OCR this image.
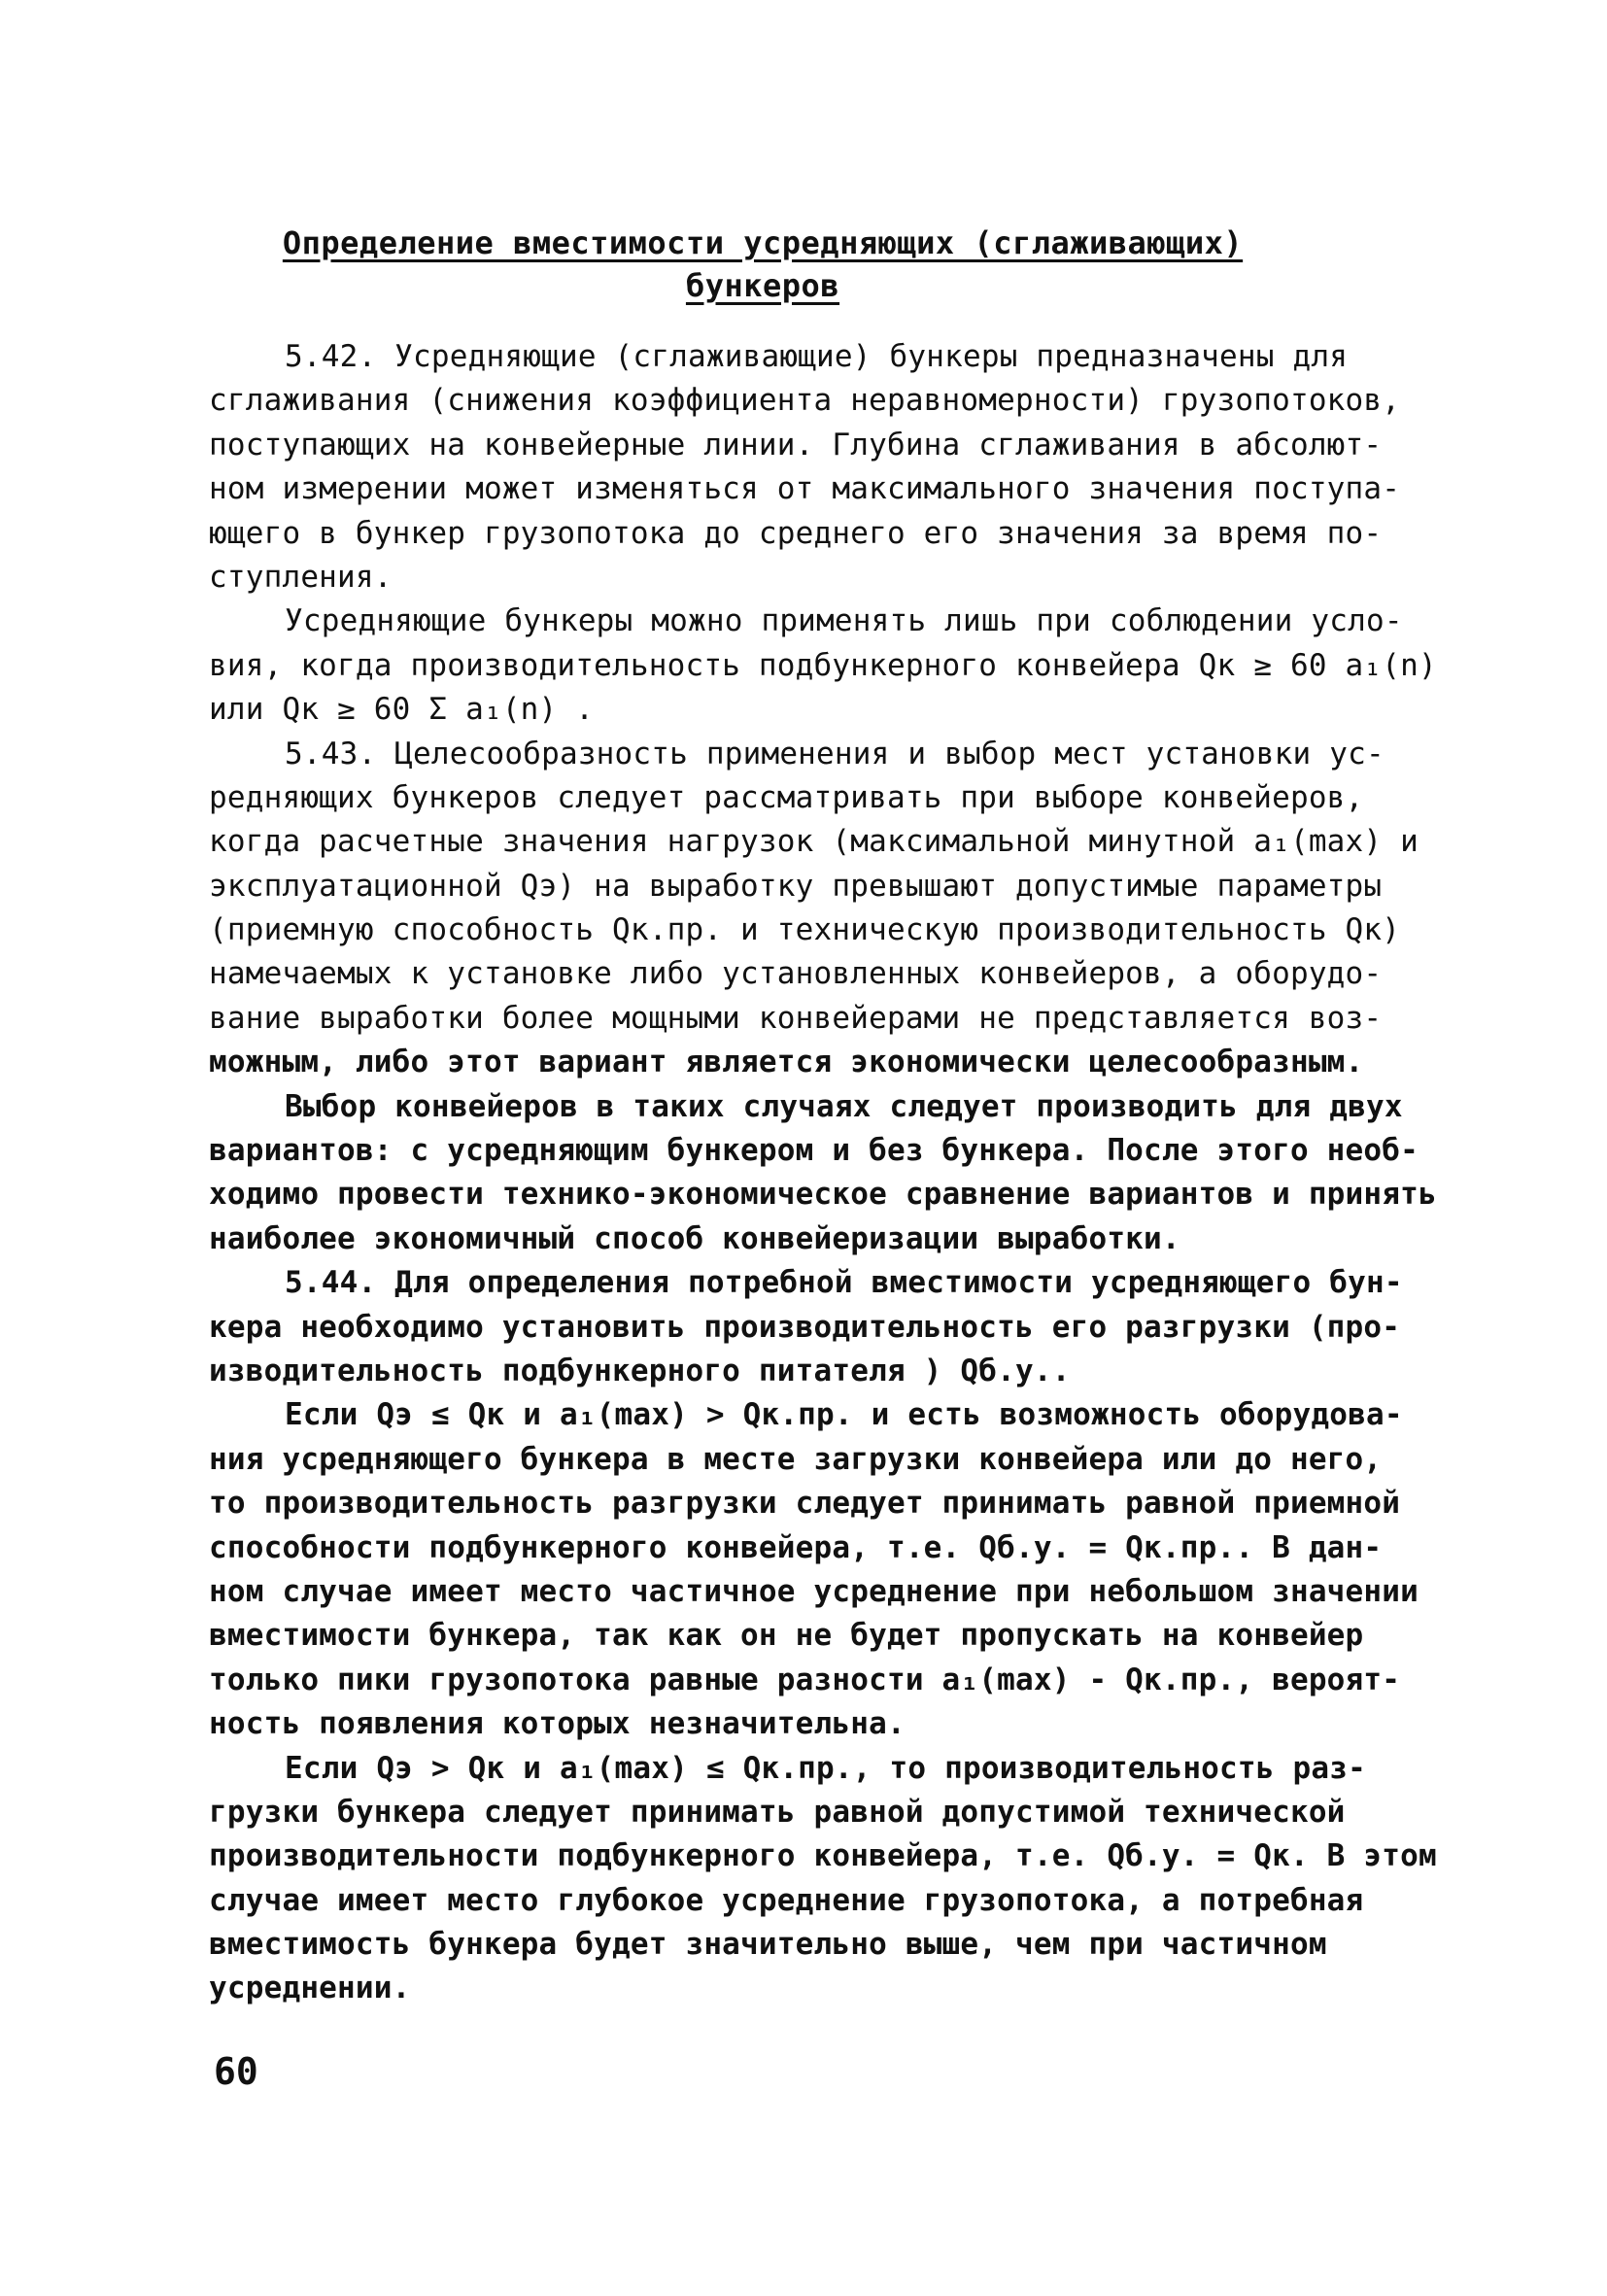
Определение вместимости усредняющих (сглаживающих)
бункеров
5.42. Усредняющие (сглаживающие) бункеры предназначены для
сглаживания (снижения коэффициента неравномерности) грузопотоков,
поступающих на конвейерные линии. Глубина сглаживания в абсолют-
ном измерении может изменяться от максимального значения поступа-
ющего в бункер грузопотока до среднего его значения за время по-
ступления.
Усредняющие бункеры можно применять лишь при соблюдении усло-
вия, когда производительность подбункерного конвейера Qк ≥ 60 a₁(n)
или Qк ≥ 60 Σ a₁(n) .
5.43. Целесообразность применения и выбор мест установки ус-
редняющих бункеров следует рассматривать при выборе конвейеров,
когда расчетные значения нагрузок (максимальной минутной a₁(max) и
эксплуатационной Qэ) на выработку превышают допустимые параметры
(приемную способность Qк.пр. и техническую производительность Qк)
намечаемых к установке либо установленных конвейеров, а оборудо-
вание выработки более мощными конвейерами не представляется воз-
можным, либо этот вариант является экономически целесообразным.
Выбор конвейеров в таких случаях следует производить для двух
вариантов: с усредняющим бункером и без бункера. После этого необ-
ходимо провести технико-экономическое сравнение вариантов и принять
наиболее экономичный способ конвейеризации выработки.
5.44. Для определения потребной вместимости усредняющего бун-
кера необходимо установить производительность его разгрузки (про-
изводительность подбункерного питателя ) Qб.у..
Если Qэ ≤ Qк и a₁(max) > Qк.пр. и есть возможность оборудова-
ния усредняющего бункера в месте загрузки конвейера или до него,
то производительность разгрузки следует принимать равной приемной
способности подбункерного конвейера, т.е. Qб.у. = Qк.пр.. В дан-
ном случае имеет место частичное усреднение при небольшом значении
вместимости бункера, так как он не будет пропускать на конвейер
только пики грузопотока равные разности a₁(max) - Qк.пр., вероят-
ность появления которых незначительна.
Если Qэ > Qк и a₁(max) ≤ Qк.пр., то производительность раз-
грузки бункера следует принимать равной допустимой технической
производительности подбункерного конвейера, т.е. Qб.у. = Qк. В этом
случае имеет место глубокое усреднение грузопотока, а потребная
вместимость бункера будет значительно выше, чем при частичном
усреднении.
60
